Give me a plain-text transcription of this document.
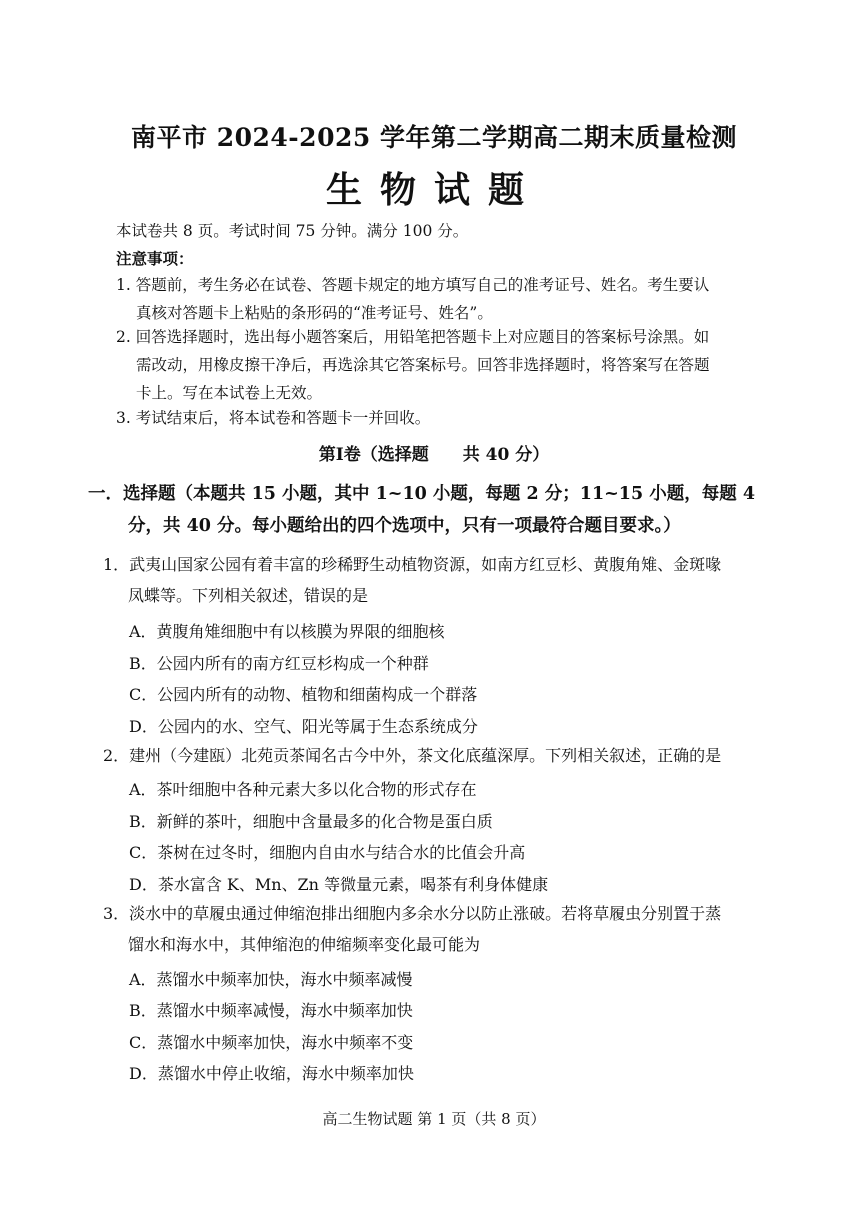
南平市 2024-2025 学年第二学期高二期末质量检测
生物试题
本试卷共 8 页。考试时间 75 分钟。满分 100 分。
注意事项：
1. 答题前，考生务必在试卷、答题卡规定的地方填写自己的准考证号、姓名。考生要认
真核对答题卡上粘贴的条形码的“准考证号、姓名”。
2. 回答选择题时，选出每小题答案后，用铅笔把答题卡上对应题目的答案标号涂黑。如
需改动，用橡皮擦干净后，再选涂其它答案标号。回答非选择题时，将答案写在答题
卡上。写在本试卷上无效。
3. 考试结束后，将本试卷和答题卡一并回收。
第Ⅰ卷（选择题　　共 40 分）
一．选择题（本题共 15 小题，其中 1~10 小题，每题 2 分；11~15 小题，每题 4
分，共 40 分。每小题给出的四个选项中，只有一项最符合题目要求。）
1．武夷山国家公园有着丰富的珍稀野生动植物资源，如南方红豆杉、黄腹角雉、金斑喙
凤蝶等。下列相关叙述，错误的是
A．黄腹角雉细胞中有以核膜为界限的细胞核
B．公园内所有的南方红豆杉构成一个种群
C．公园内所有的动物、植物和细菌构成一个群落
D．公园内的水、空气、阳光等属于生态系统成分
2．建州（今建瓯）北苑贡茶闻名古今中外，茶文化底蕴深厚。下列相关叙述，正确的是
A．茶叶细胞中各种元素大多以化合物的形式存在
B．新鲜的茶叶，细胞中含量最多的化合物是蛋白质
C．茶树在过冬时，细胞内自由水与结合水的比值会升高
D．茶水富含 K、Mn、Zn 等微量元素，喝茶有利身体健康
3．淡水中的草履虫通过伸缩泡排出细胞内多余水分以防止涨破。若将草履虫分别置于蒸
馏水和海水中，其伸缩泡的伸缩频率变化最可能为
A．蒸馏水中频率加快，海水中频率减慢
B．蒸馏水中频率减慢，海水中频率加快
C．蒸馏水中频率加快，海水中频率不变
D．蒸馏水中停止收缩，海水中频率加快
高二生物试题 第 1 页（共 8 页）
